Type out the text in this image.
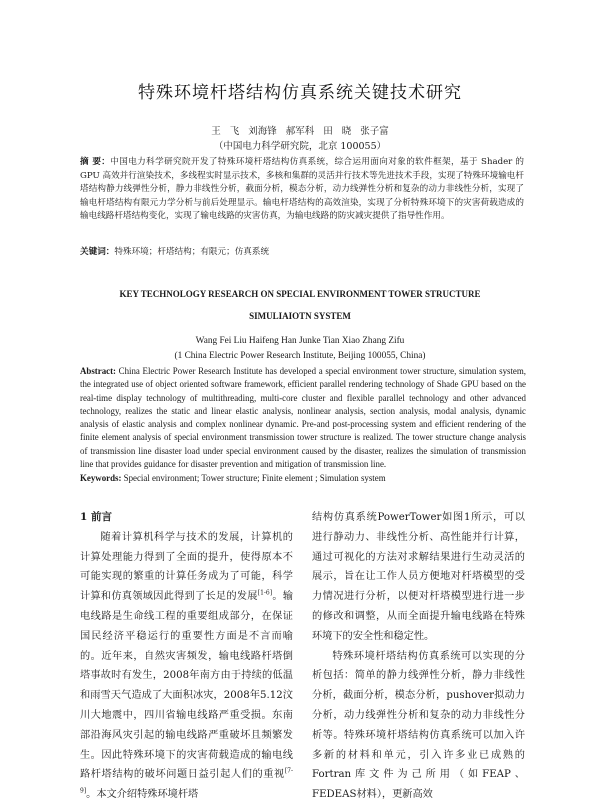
特殊环境杆塔结构仿真系统关键技术研究
王 飞 刘海锋 郝军科 田 晓 张子富
（中国电力科学研究院，北京 100055）
摘 要：中国电力科学研究院开发了特殊环境杆塔结构仿真系统，综合运用面向对象的软件框架，基于 Shader 的 GPU 高效并行渲染技术，多线程实时显示技术，多核和集群的灵活并行技术等先进技术手段，实现了特殊环境输电杆塔结构静力线弹性分析，静力非线性分析，截面分析，模态分析，动力线弹性分析和复杂的动力非线性分析，实现了输电杆塔结构有限元力学分析与前后处理显示。输电杆塔结构的高效渲染，实现了分析特殊环境下的灾害荷载造成的输电线路杆塔结构变化，实现了输电线路的灾害仿真，为输电线路的防灾减灾提供了指导性作用。
关键词：特殊环境；杆塔结构；有限元；仿真系统
KEY TECHNOLOGY RESEARCH ON SPECIAL ENVIRONMENT TOWER STRUCTURE
SIMULIAIOTN SYSTEM
Wang Fei Liu Haifeng Han Junke Tian Xiao Zhang Zifu
(1 China Electric Power Research Institute, Beijing 100055, China)
Abstract: China Electric Power Research Institute has developed a special environment tower structure, simulation system, the integrated use of object oriented software framework, efficient parallel rendering technology of Shade GPU based on the real-time display technology of multithreading, multi-core cluster and flexible parallel technology and other advanced technology, realizes the static and linear elastic analysis, nonlinear analysis, section analysis, modal analysis, dynamic analysis of elastic analysis and complex nonlinear dynamic. Pre-and post-processing system and efficient rendering of the finite element analysis of special environment transmission tower structure is realized. The tower structure change analysis of transmission line disaster load under special environment caused by the disaster, realizes the simulation of transmission line that provides guidance for disaster prevention and mitigation of transmission line.
Keywords: Special environment; Tower structure; Finite element ; Simulation system

1 前言

随着计算机科学与技术的发展，计算机的计算处理能力得到了全面的提升，使得原本不可能实现的繁重的计算任务成为了可能，科学计算和仿真领域因此得到了长足的发展[1-6]。输电线路是生命线工程的重要组成部分，在保证国民经济平稳运行的重要性方面是不言而喻的。近年来，自然灾害频发，输电线路杆塔倒塔事故时有发生，2008年南方由于持续的低温和雨雪天气造成了大面积冰灾，2008年5.12汶川大地震中，四川省输电线路严重受损。东南部沿海风灾引起的输电线路严重破坏且频繁发生。因此特殊环境下的灾害荷载造成的输电线路杆塔结构的破坏问题日益引起人们的重视[7-9]。本文介绍特殊环境杆塔

结构仿真系统PowerTower如图1所示，可以进行静动力、非线性分析、高性能并行计算，通过可视化的方法对求解结果进行生动灵活的展示，旨在让工作人员方便地对杆塔模型的受力情况进行分析，以便对杆塔模型进行进一步的修改和调整，从而全面提升输电线路在特殊环境下的安全性和稳定性。

特殊环境杆塔结构仿真系统可以实现的分析包括：简单的静力线弹性分析，静力非线性分析，截面分析，模态分析，pushover拟动力分析，动力线弹性分析和复杂的动力非线性分析等。特殊环境杆塔结构仿真系统可以加入许多新的材料和单元，引入许多业已成熟的Fortran库文件为己所用（如FEAP、FEDEAS材料），更新高效
